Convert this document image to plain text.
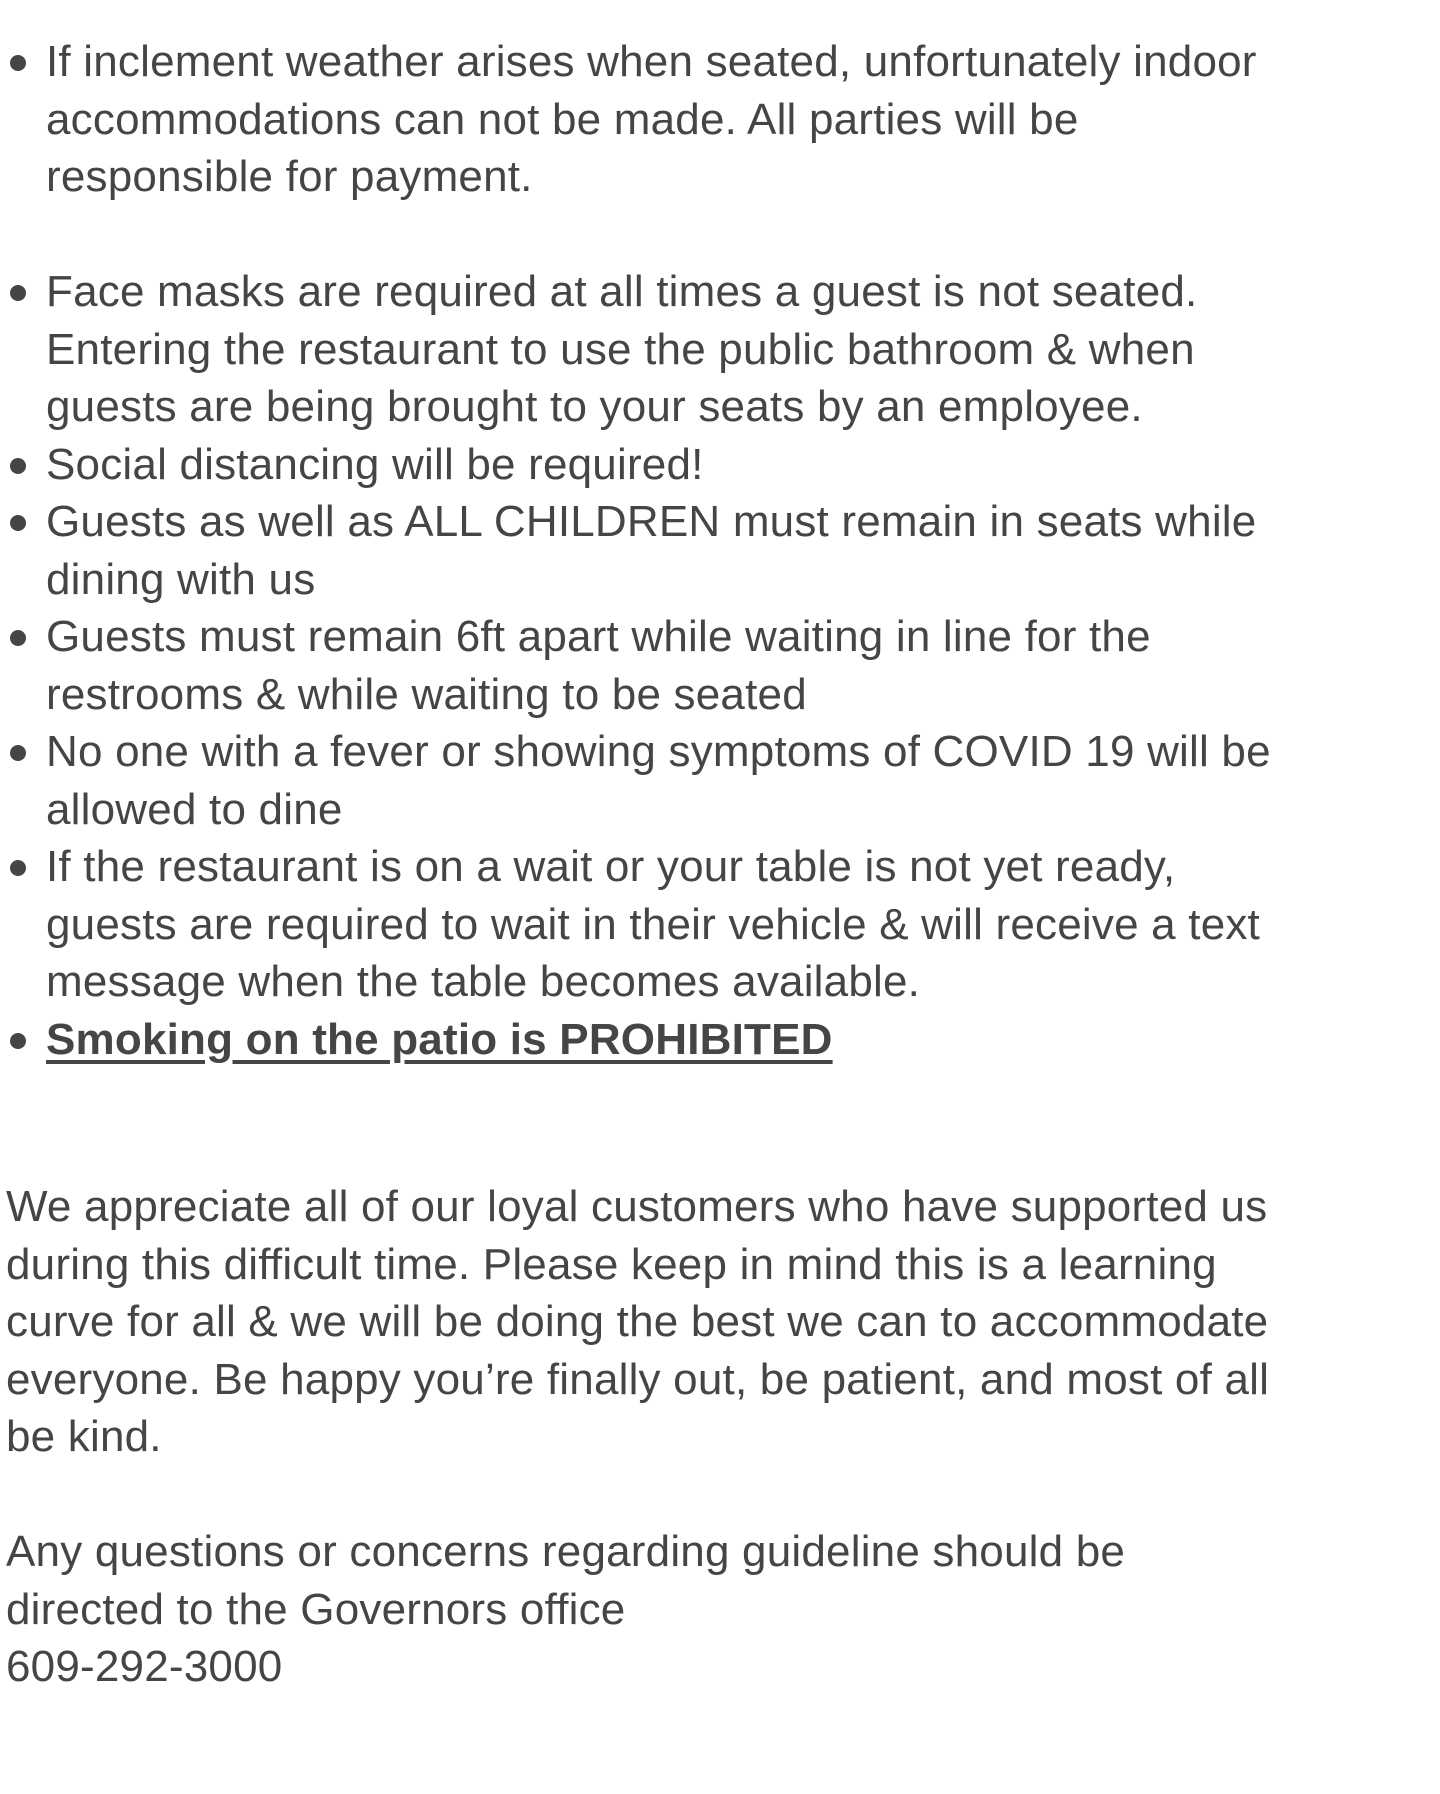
If inclement weather arises when seated, unfortunately indoor
accommodations can not be made. All parties will be
responsible for payment.
Face masks are required at all times a guest is not seated.
Entering the restaurant to use the public bathroom & when
guests are being brought to your seats by an employee.
Social distancing will be required!
Guests as well as ALL CHILDREN must remain in seats while
dining with us
Guests must remain 6ft apart while waiting in line for the
restrooms & while waiting to be seated
No one with a fever or showing symptoms of COVID 19 will be
allowed to dine
If the restaurant is on a wait or your table is not yet ready,
guests are required to wait in their vehicle & will receive a text
message when the table becomes available.
Smoking on the patio is PROHIBITED

We appreciate all of our loyal customers who have supported us
during this difficult time. Please keep in mind this is a learning
curve for all & we will be doing the best we can to accommodate
everyone. Be happy you’re finally out, be patient, and most of all
be kind.

Any questions or concerns regarding guideline should be
directed to the Governors office
609-292-3000
